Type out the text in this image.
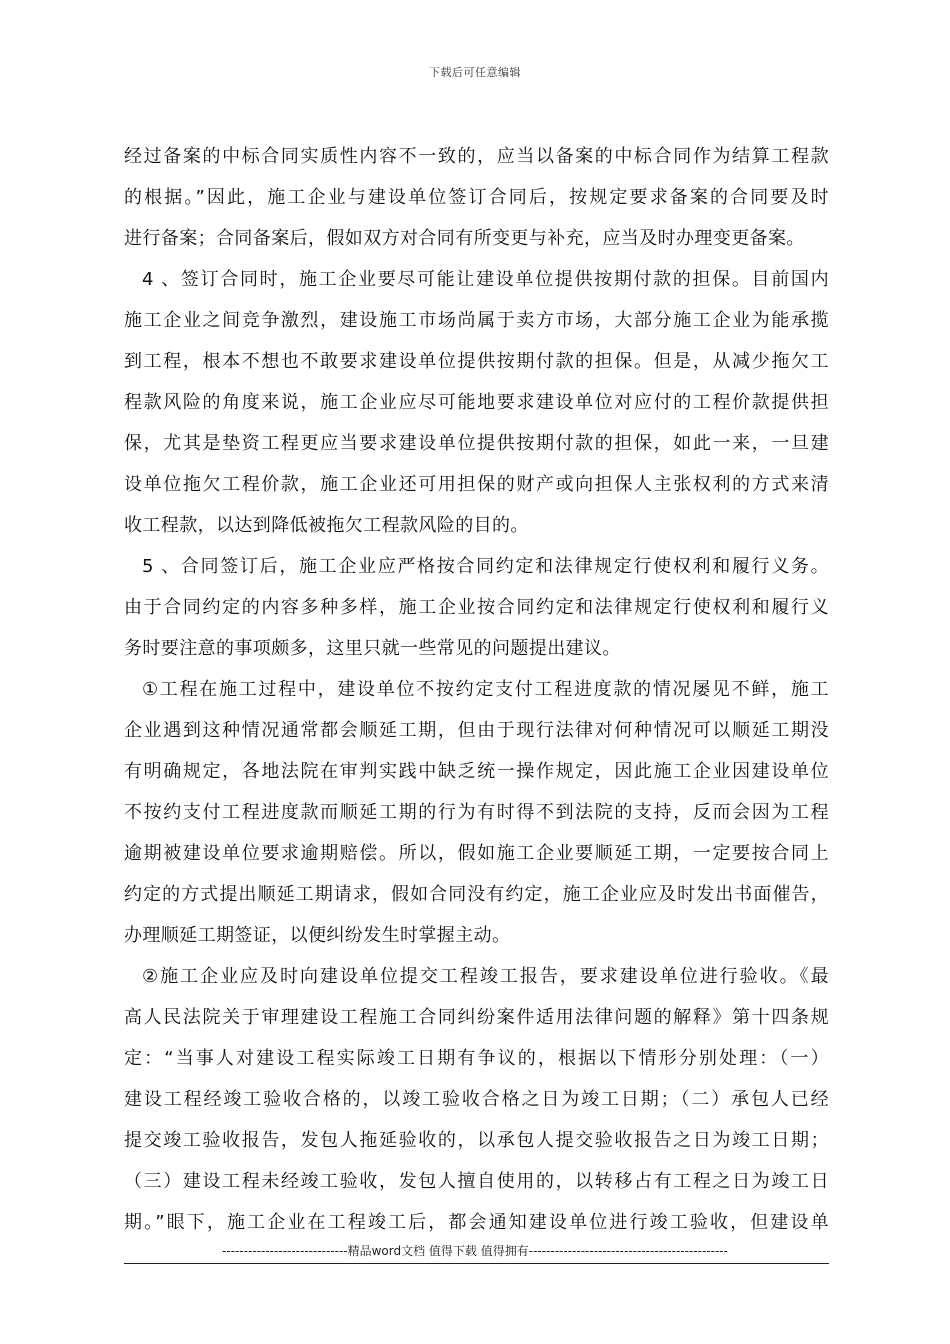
下载后可任意编辑
经过备案的中标合同实质性内容不一致的，应当以备案的中标合同作为结算工程款
的根据。”因此，施工企业与建设单位签订合同后，按规定要求备案的合同要及时
进行备案；合同备案后，假如双方对合同有所变更与补充，应当及时办理变更备案。
4 、签订合同时，施工企业要尽可能让建设单位提供按期付款的担保。目前国内
施工企业之间竞争激烈，建设施工市场尚属于卖方市场，大部分施工企业为能承揽
到工程，根本不想也不敢要求建设单位提供按期付款的担保。但是，从减少拖欠工
程款风险的角度来说，施工企业应尽可能地要求建设单位对应付的工程价款提供担
保，尤其是垫资工程更应当要求建设单位提供按期付款的担保，如此一来，一旦建
设单位拖欠工程价款，施工企业还可用担保的财产或向担保人主张权利的方式来清
收工程款，以达到降低被拖欠工程款风险的目的。
5 、合同签订后，施工企业应严格按合同约定和法律规定行使权利和履行义务。
由于合同约定的内容多种多样，施工企业按合同约定和法律规定行使权利和履行义
务时要注意的事项颇多，这里只就一些常见的问题提出建议。
①工程在施工过程中，建设单位不按约定支付工程进度款的情况屡见不鲜，施工
企业遇到这种情况通常都会顺延工期，但由于现行法律对何种情况可以顺延工期没
有明确规定，各地法院在审判实践中缺乏统一操作规定，因此施工企业因建设单位
不按约支付工程进度款而顺延工期的行为有时得不到法院的支持，反而会因为工程
逾期被建设单位要求逾期赔偿。所以，假如施工企业要顺延工期，一定要按合同上
约定的方式提出顺延工期请求，假如合同没有约定，施工企业应及时发出书面催告，
办理顺延工期签证，以便纠纷发生时掌握主动。
②施工企业应及时向建设单位提交工程竣工报告，要求建设单位进行验收。《最
高人民法院关于审理建设工程施工合同纠纷案件适用法律问题的解释》第十四条规
定：“当事人对建设工程实际竣工日期有争议的，根据以下情形分别处理：（一）
建设工程经竣工验收合格的，以竣工验收合格之日为竣工日期；（二）承包人已经
提交竣工验收报告，发包人拖延验收的，以承包人提交验收报告之日为竣工日期；
（三）建设工程未经竣工验收，发包人擅自使用的，以转移占有工程之日为竣工日
期。”眼下，施工企业在工程竣工后，都会通知建设单位进行竣工验收，但建设单
-----------------------------精品word文档 值得下载 值得拥有----------------------------------------------
